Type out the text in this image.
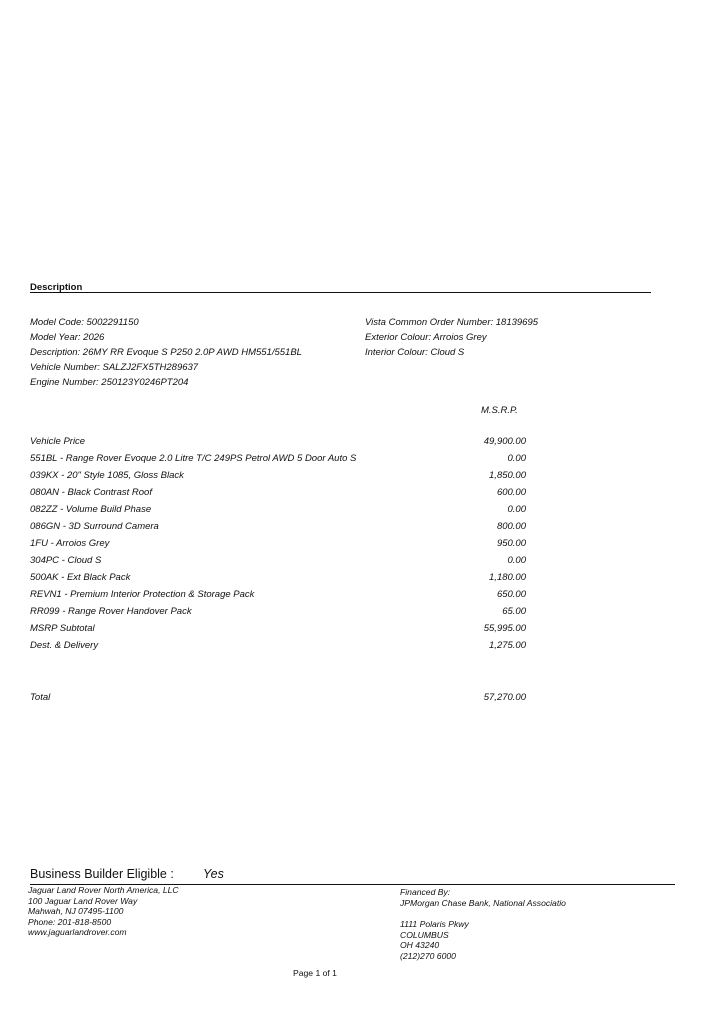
Description
Model Code: 5002291150
Model Year: 2026
Description: 26MY RR Evoque S P250 2.0P AWD HM551/551BL
Vehicle Number: SALZJ2FX5TH289637
Engine Number: 250123Y0246PT204
Vista Common Order Number: 18139695
Exterior Colour: Arroios Grey
Interior Colour: Cloud S
M.S.R.P.
Vehicle Price	49,900.00
551BL - Range Rover Evoque 2.0 Litre T/C 249PS Petrol AWD 5 Door Auto S	0.00
039KX - 20" Style 1085, Gloss Black	1,850.00
080AN - Black Contrast Roof	600.00
082ZZ - Volume Build Phase	0.00
086GN - 3D Surround Camera	800.00
1FU - Arroios Grey	950.00
304PC - Cloud S	0.00
500AK - Ext Black Pack	1,180.00
REVN1 - Premium Interior Protection & Storage Pack	650.00
RR099 - Range Rover Handover Pack	65.00
MSRP Subtotal	55,995.00
Dest. & Delivery	1,275.00
Total	57,270.00
Business Builder Eligible : Yes
Jaguar Land Rover North America, LLC
100 Jaguar Land Rover Way
Mahwah, NJ 07495-1100
Phone: 201-818-8500
www.jaguarlandrover.com
Financed By:
JPMorgan Chase Bank, National Associatio
1111 Polaris Pkwy
COLUMBUS
OH 43240
(212)270 6000
Page 1 of 1
